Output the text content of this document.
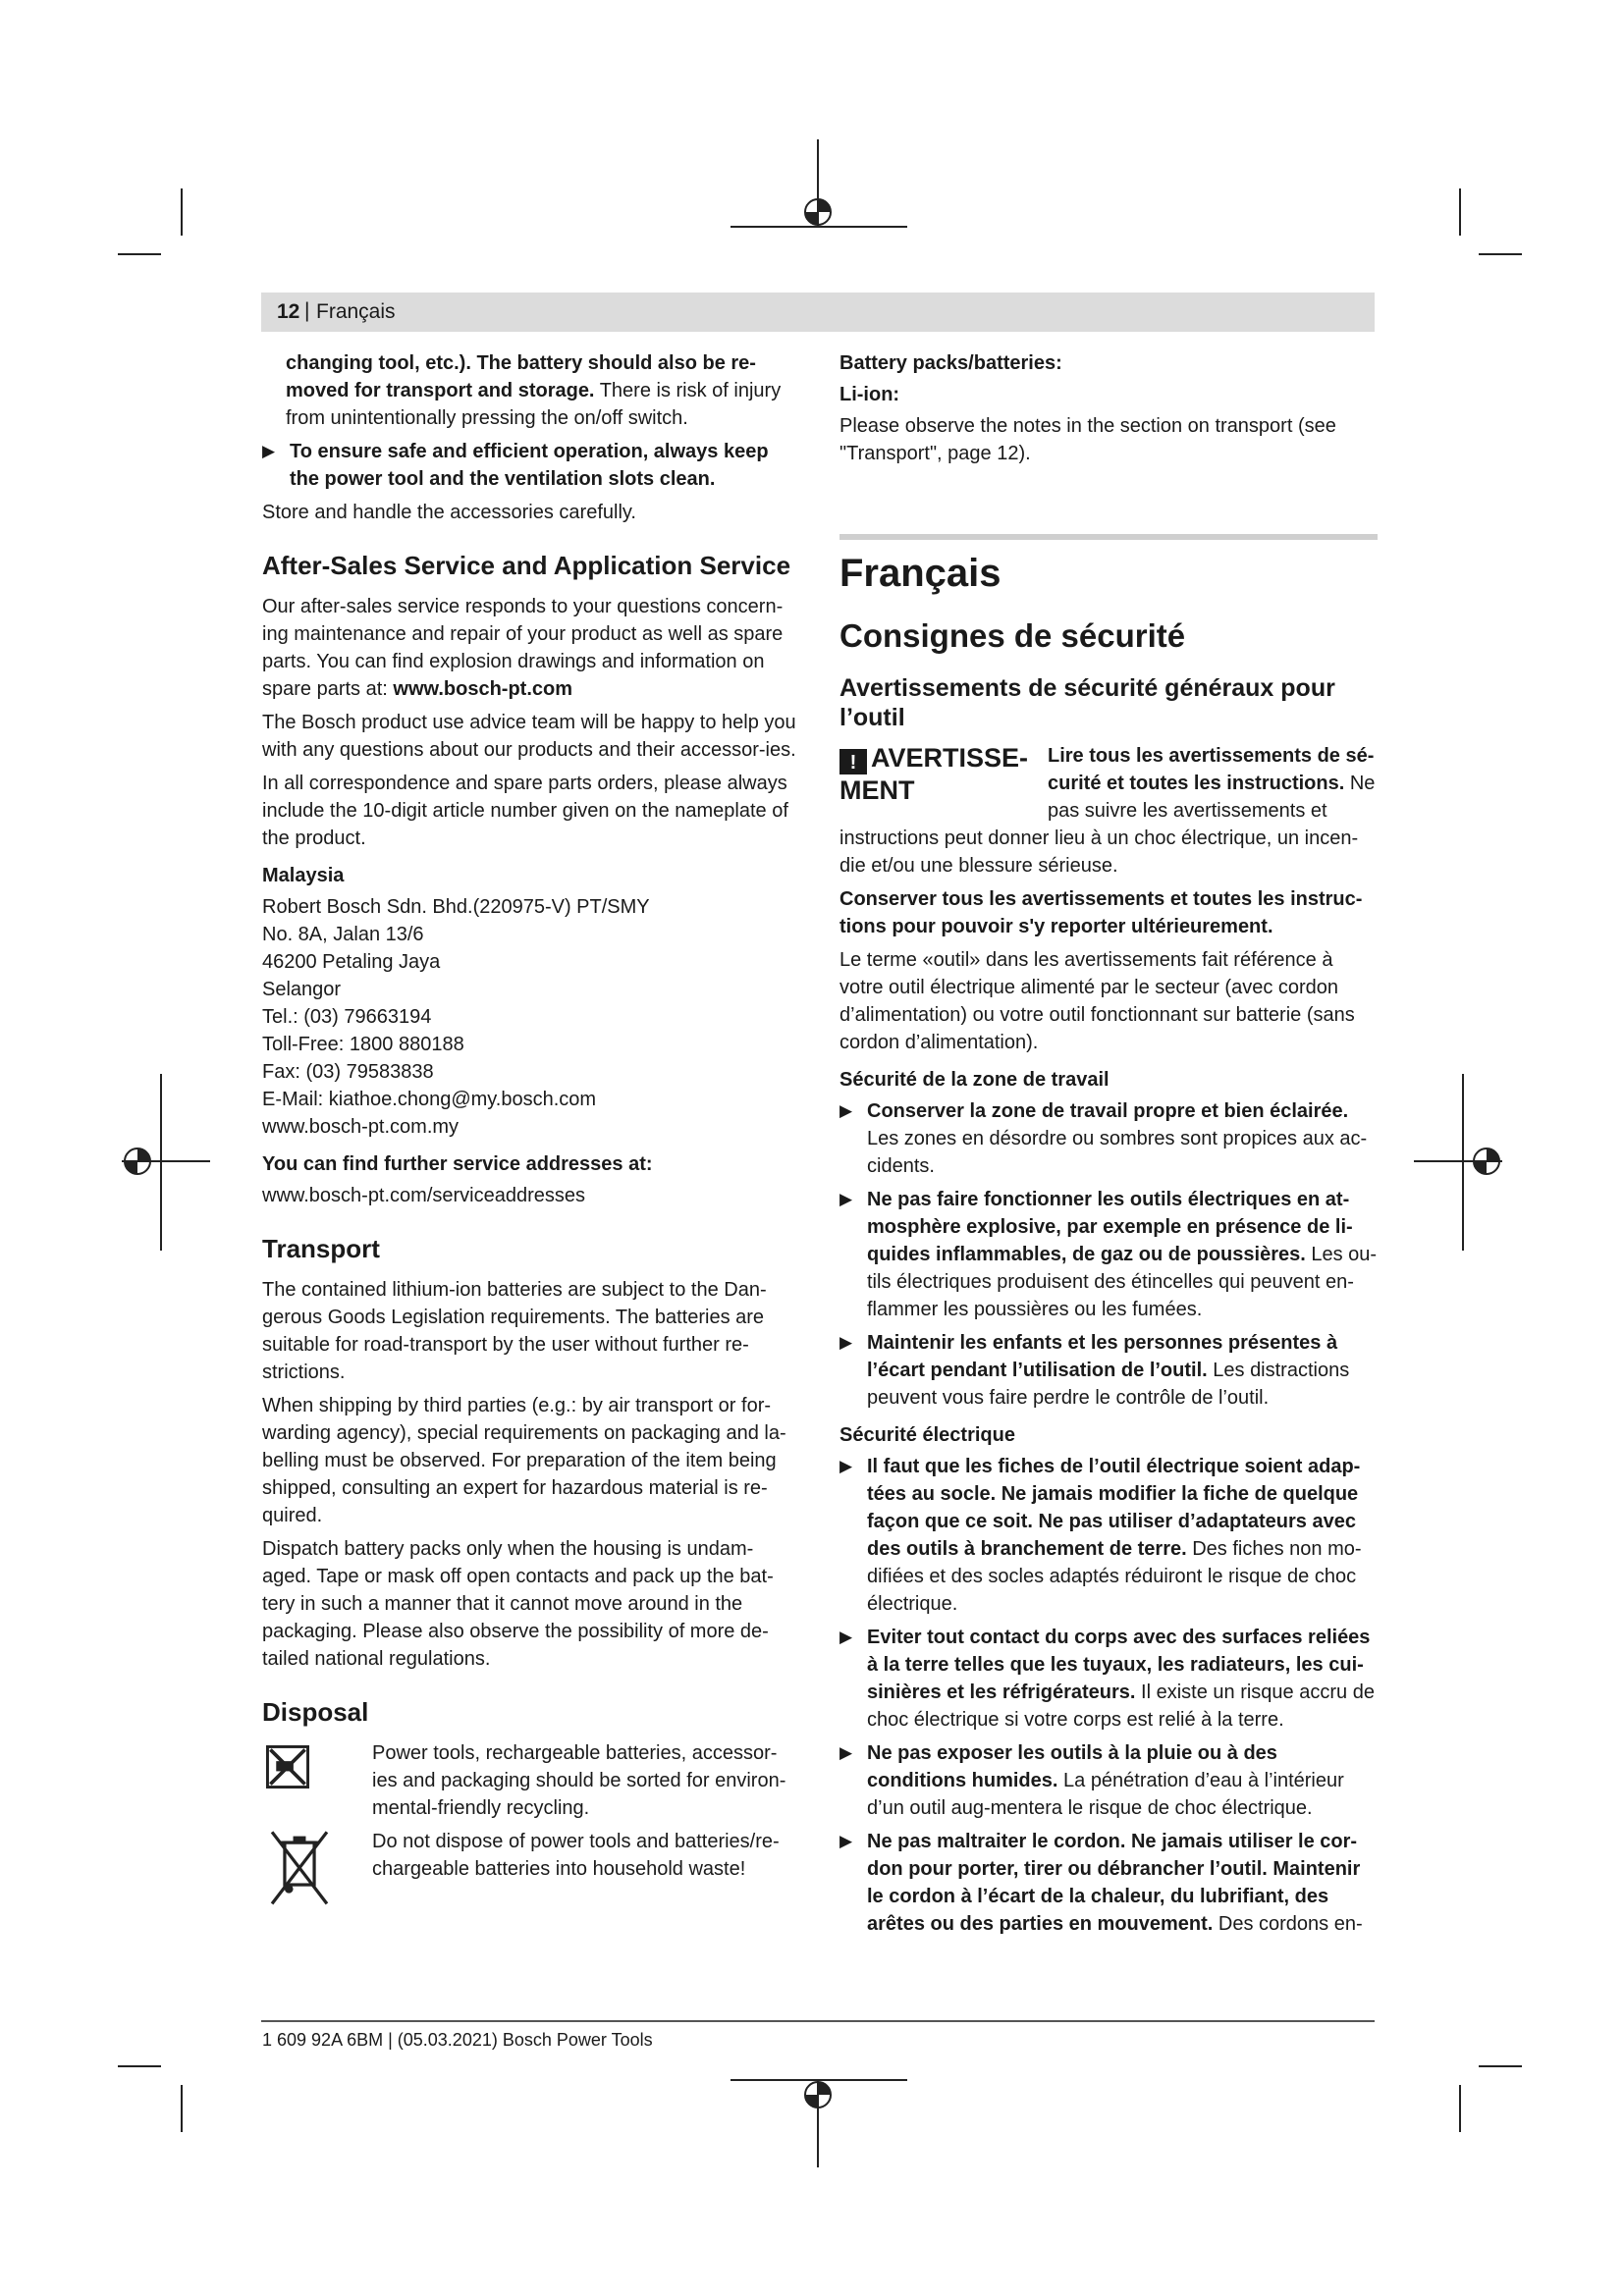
12 | Français

changing tool, etc.). The battery should also be re-moved for transport and storage. There is risk of injury from unintentionally pressing the on/off switch.

▶ To ensure safe and efficient operation, always keep the power tool and the ventilation slots clean.

Store and handle the accessories carefully.

After-Sales Service and Application Service

Our after-sales service responds to your questions concern-ing maintenance and repair of your product as well as spare parts. You can find explosion drawings and information on spare parts at: www.bosch-pt.com

The Bosch product use advice team will be happy to help you with any questions about our products and their accessor-ies.

In all correspondence and spare parts orders, please always include the 10-digit article number given on the nameplate of the product.

Malaysia

Robert Bosch Sdn. Bhd.(220975-V) PT/SMY

No. 8A, Jalan 13/6

46200 Petaling Jaya

Selangor

Tel.: (03) 79663194

Toll-Free: 1800 880188

Fax: (03) 79583838

E-Mail: kiathoe.chong@my.bosch.com

www.bosch-pt.com.my

You can find further service addresses at:

www.bosch-pt.com/serviceaddresses

Transport

The contained lithium-ion batteries are subject to the Dan-gerous Goods Legislation requirements. The batteries are suitable for road-transport by the user without further re-strictions.

When shipping by third parties (e.g.: by air transport or for-warding agency), special requirements on packaging and la-belling must be observed. For preparation of the item being shipped, consulting an expert for hazardous material is re-quired.

Dispatch battery packs only when the housing is undam-aged. Tape or mask off open contacts and pack up the bat-tery in such a manner that it cannot move around in the packaging. Please also observe the possibility of more de-tailed national regulations.

Disposal
Power tools, rechargeable batteries, accessor-ies and packaging should be sorted for environ-mental-friendly recycling.
Do not dispose of power tools and batteries/re-chargeable batteries into household waste!
Battery packs/batteries:
Li-ion:

Please observe the notes in the section on transport (see "Transport", page 12).

Français
Consignes de sécurité
Avertissements de sécurité généraux pour l’outil
! AVERTISSE-MENT

Lire tous les avertissements de sé-curité et toutes les instructions. Ne pas suivre les avertissements et instructions peut donner lieu à un choc électrique, un incen-die et/ou une blessure sérieuse.

Conserver tous les avertissements et toutes les instruc-tions pour pouvoir s'y reporter ultérieurement.

Le terme «outil» dans les avertissements fait référence à votre outil électrique alimenté par le secteur (avec cordon d’alimentation) ou votre outil fonctionnant sur batterie (sans cordon d’alimentation).

Sécurité de la zone de travail
▶ Conserver la zone de travail propre et bien éclairée. Les zones en désordre ou sombres sont propices aux ac-cidents.
▶ Ne pas faire fonctionner les outils électriques en at-mosphère explosive, par exemple en présence de li-quides inflammables, de gaz ou de poussières. Les ou-tils électriques produisent des étincelles qui peuvent en-flammer les poussières ou les fumées.
▶ Maintenir les enfants et les personnes présentes à l’écart pendant l’utilisation de l’outil. Les distractions peuvent vous faire perdre le contrôle de l’outil.
Sécurité électrique
▶ Il faut que les fiches de l’outil électrique soient adap-tées au socle. Ne jamais modifier la fiche de quelque façon que ce soit. Ne pas utiliser d’adaptateurs avec des outils à branchement de terre. Des fiches non mo-difiées et des socles adaptés réduiront le risque de choc électrique.
▶ Eviter tout contact du corps avec des surfaces reliées à la terre telles que les tuyaux, les radiateurs, les cui-sinières et les réfrigérateurs. Il existe un risque accru de choc électrique si votre corps est relié à la terre.
▶ Ne pas exposer les outils à la pluie ou à des conditions humides. La pénétration d’eau à l’intérieur d’un outil aug-mentera le risque de choc électrique.
▶ Ne pas maltraiter le cordon. Ne jamais utiliser le cor-don pour porter, tirer ou débrancher l’outil. Maintenir le cordon à l’écart de la chaleur, du lubrifiant, des arêtes ou des parties en mouvement. Des cordons en-
1 609 92A 6BM | (05.03.2021) Bosch Power Tools
